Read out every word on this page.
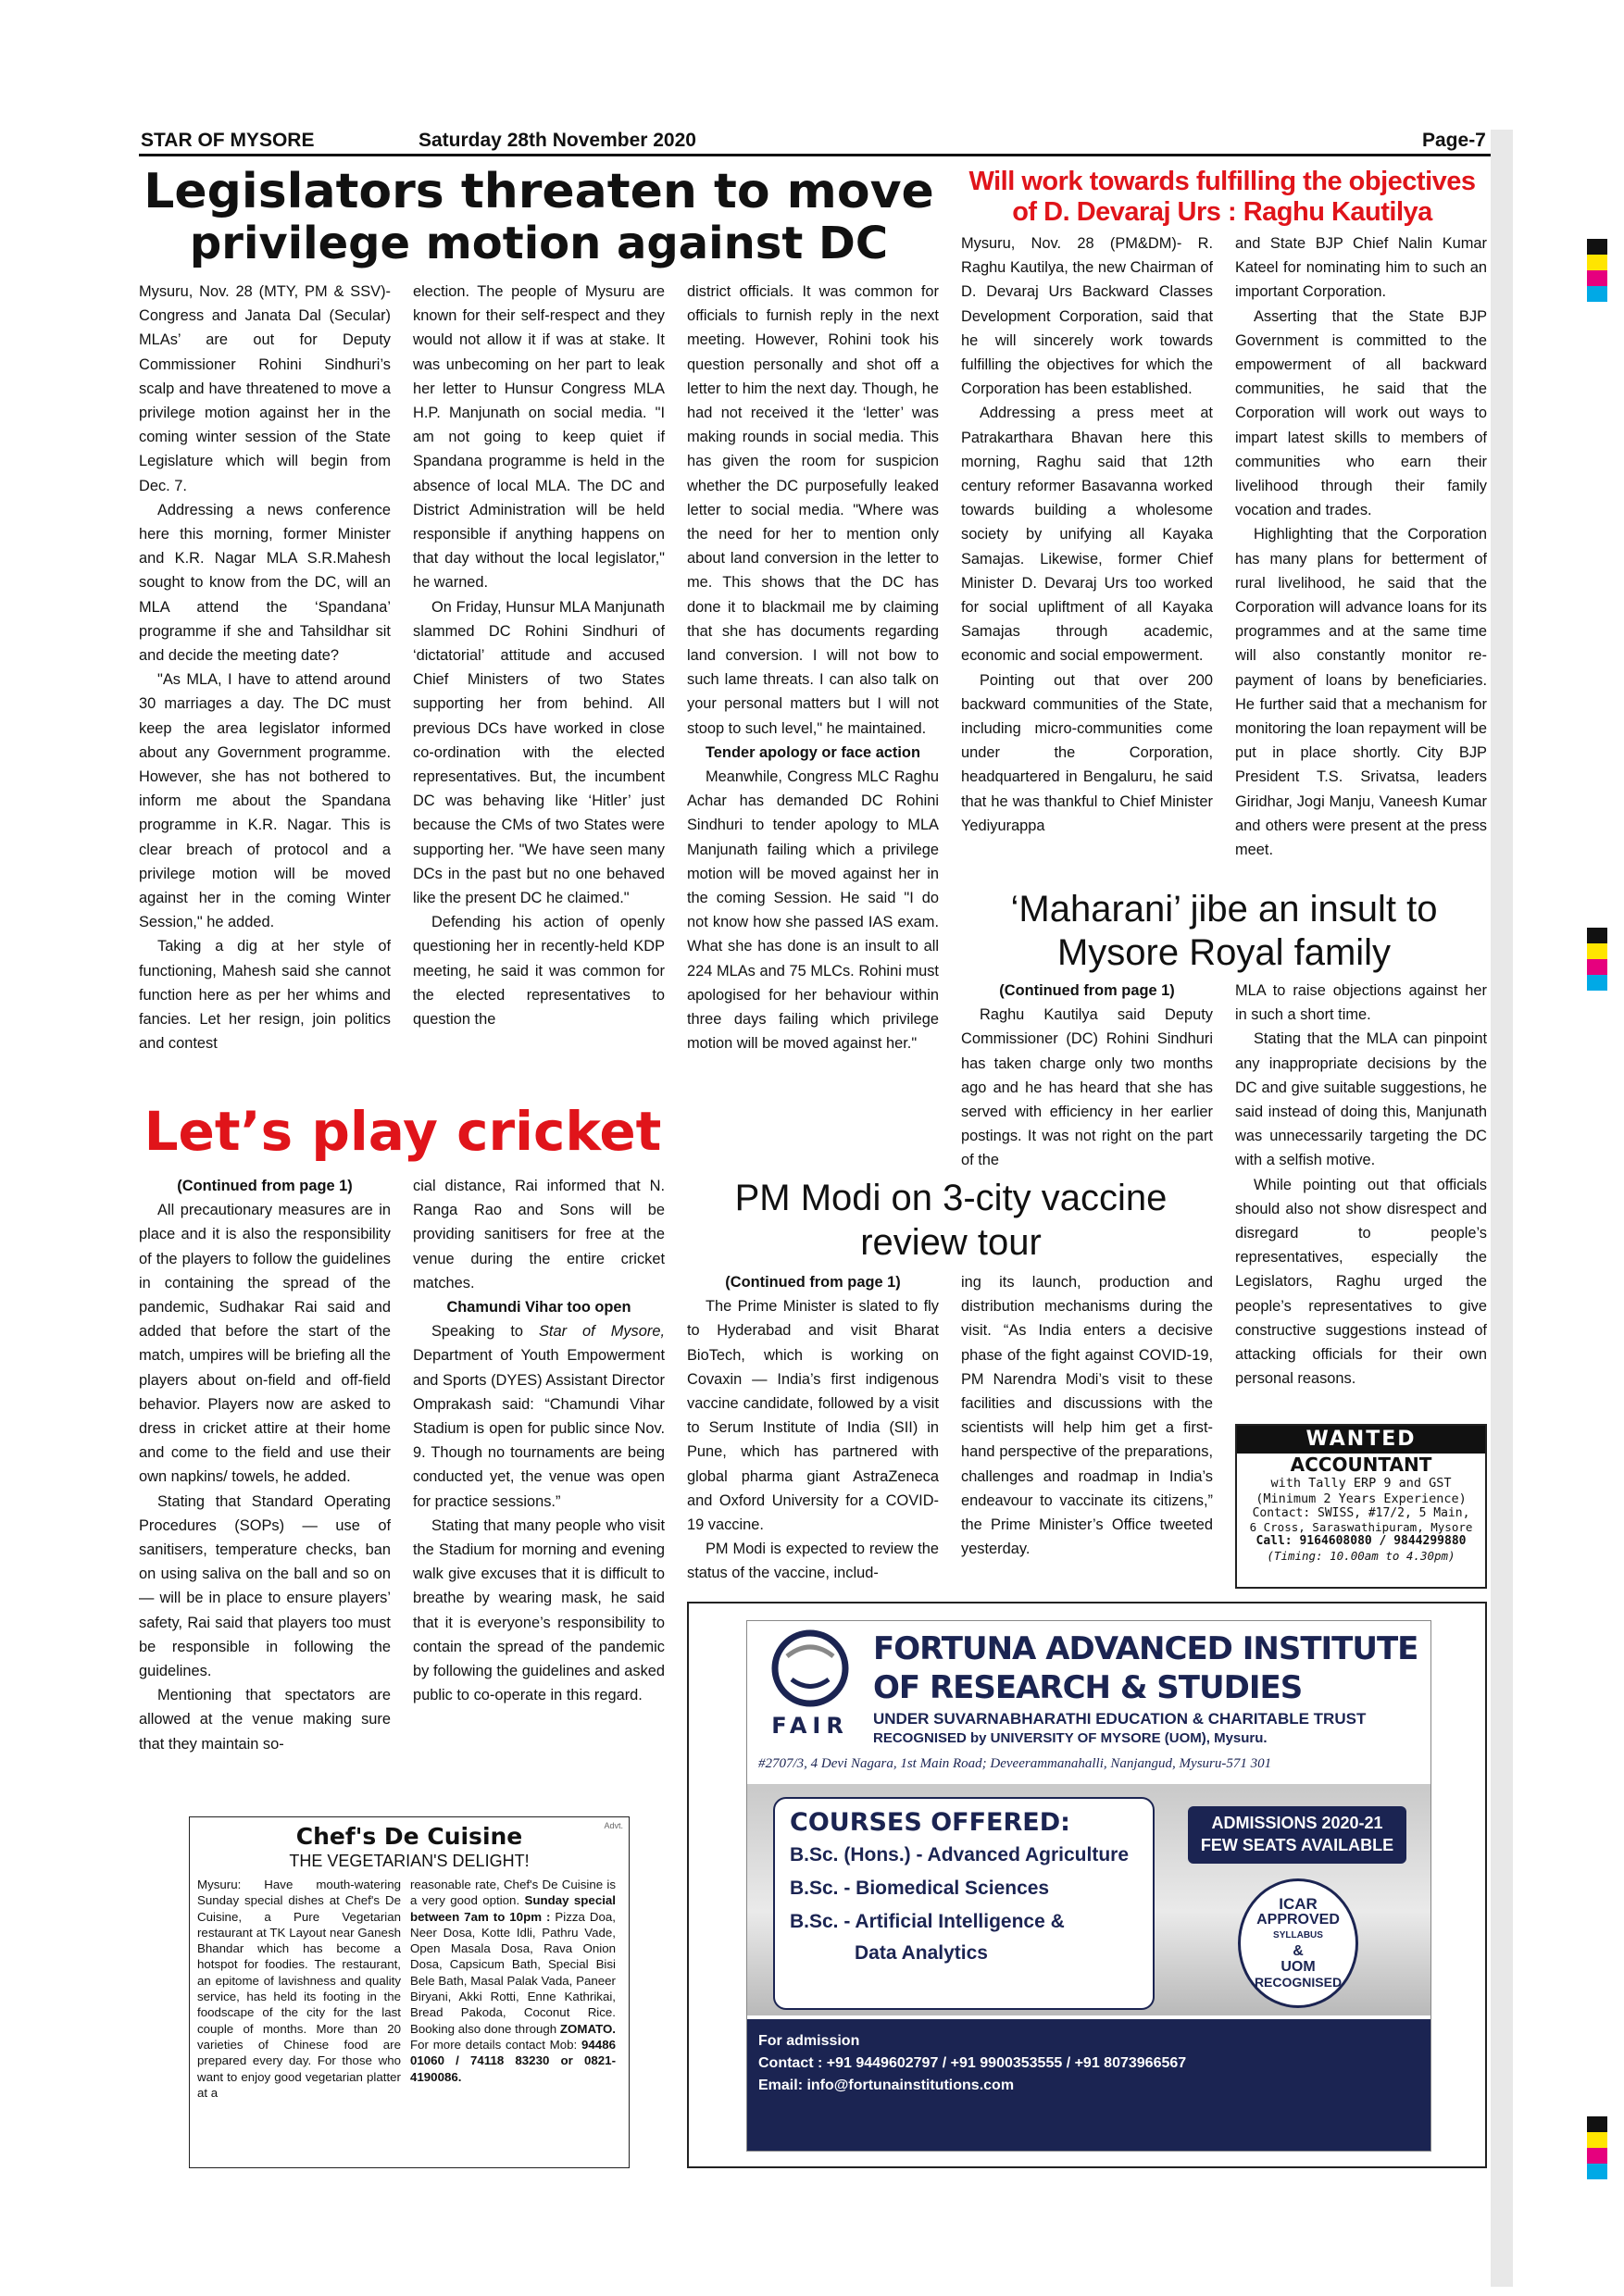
STAR OF MYSORE	Saturday 28th November 2020	Page-7
Legislators threaten to move
privilege motion against DC

Mysuru, Nov. 28 (MTY, PM & SSV)- Congress and Janata Dal (Secular) MLAs’ are out for Deputy Commissioner Rohini Sindhuri’s scalp and have threatened to move a privilege motion against her in the coming winter session of the State Legislature which will begin from Dec. 7.

Addressing a news conference here this morning, former Minister and K.R. Nagar MLA S.R.Mahesh sought to know from the DC, will an MLA attend the ‘Spandana’ programme if she and Tahsildhar sit and decide the meeting date?

"As MLA, I have to attend around 30 marriages a day. The DC must keep the area legislator informed about any Government programme. However, she has not bothered to inform me about the Spandana programme in K.R. Nagar. This is clear breach of protocol and a privilege motion will be moved against her in the coming Winter Session," he added.

Taking a dig at her style of functioning, Mahesh said she cannot function here as per her whims and fancies. Let her resign, join politics and contest

election. The people of Mysuru are known for their self-respect and they would not allow it if was at stake. It was unbecoming on her part to leak her letter to Hunsur Congress MLA H.P. Manjunath on social media. "I am not going to keep quiet if Spandana programme is held in the absence of local MLA. The DC and District Administration will be held responsible if anything happens on that day without the local legislator," he warned.

On Friday, Hunsur MLA Manjunath slammed DC Rohini Sindhuri of ‘dictatorial’ attitude and accused Chief Ministers of two States supporting her from behind. All previous DCs have worked in close co-ordination with the elected representatives. But, the incumbent DC was behaving like ‘Hitler’ just because the CMs of two States were supporting her. "We have seen many DCs in the past but no one behaved like the present DC he claimed."

Defending his action of openly questioning her in recently-held KDP meeting, he said it was common for the elected representatives to question the

district officials. It was common for officials to furnish reply in the next meeting. However, Rohini took his question personally and shot off a letter to him the next day. Though, he had not received it the ‘letter’ was making rounds in social media. This has given the room for suspicion whether the DC purposefully leaked letter to social media. "Where was the need for her to mention only about land conversion in the letter to me. This shows that the DC has done it to blackmail me by claiming that she has documents regarding land conversion. I will not bow to such lame threats. I can also talk on your personal matters but I will not stoop to such level," he maintained.

Tender apology or face action

Meanwhile, Congress MLC Raghu Achar has demanded DC Rohini Sindhuri to tender apology to MLA Manjunath failing which a privilege motion will be moved against her in the coming Session. He said "I do not know how she passed IAS exam. What she has done is an insult to all 224 MLAs and 75 MLCs. Rohini must apologised for her behaviour within three days failing which privilege motion will be moved against her."

Will work towards fulfilling the objectives
of D. Devaraj Urs : Raghu Kautilya

Mysuru, Nov. 28 (PM&DM)- R. Raghu Kautilya, the new Chairman of D. Devaraj Urs Backward Classes Development Corporation, said that he will sincerely work towards fulfilling the objectives for which the Corporation has been established.

Addressing a press meet at Patrakarthara Bhavan here this morning, Raghu said that 12th century reformer Basavanna worked towards building a wholesome society by unifying all Kayaka Samajas. Likewise, former Chief Minister D. Devaraj Urs too worked for social upliftment of all Kayaka Samajas through academic, economic and social empowerment.

Pointing out that over 200 backward communities of the State, including micro-communities come under the Corporation, headquartered in Bengaluru, he said that he was thankful to Chief Minister Yediyurappa

and State BJP Chief Nalin Kumar Kateel for nominating him to such an important Corporation.

Asserting that the State BJP Government is committed to the empowerment of all backward communities, he said that the Corporation will work out ways to impart latest skills to members of communities who earn their livelihood through their family vocation and trades.

Highlighting that the Corporation has many plans for betterment of rural livelihood, he said that the Corporation will advance loans for its programmes and at the same time will also constantly monitor re-payment of loans by beneficiaries. He further said that a mechanism for monitoring the loan repayment will be put in place shortly. City BJP President T.S. Srivatsa, leaders Giridhar, Jogi Manju, Vaneesh Kumar and others were present at the press meet.

‘Maharani’ jibe an insult to
Mysore Royal family

(Continued from page 1)

Raghu Kautilya said Deputy Commissioner (DC) Rohini Sindhuri has taken charge only two months ago and he has heard that she has served with efficiency in her earlier postings. It was not right on the part of the

MLA to raise objections against her in such a short time.

Stating that the MLA can pinpoint any inappropriate decisions by the DC and give suitable suggestions, he said instead of doing this, Manjunath was unnecessarily targeting the DC with a selfish motive.

While pointing out that officials should also not show disrespect and disregard to people’s representatives, especially the Legislators, Raghu urged the people’s representatives to give constructive suggestions instead of attacking officials for their own personal reasons.

Let’s play cricket

(Continued from page 1)

All precautionary measures are in place and it is also the responsibility of the players to follow the guidelines in containing the spread of the pandemic, Sudhakar Rai said and added that before the start of the match, umpires will be briefing all the players about on-field and off-field behavior. Players now are asked to dress in cricket attire at their home and come to the field and use their own napkins/ towels, he added.

Stating that Standard Operating Procedures (SOPs) — use of sanitisers, temperature checks, ban on using saliva on the ball and so on — will be in place to ensure players’ safety, Rai said that players too must be responsible in following the guidelines.

Mentioning that spectators are allowed at the venue making sure that they maintain so-

cial distance, Rai informed that N. Ranga Rao and Sons will be providing sanitisers for free at the venue during the entire cricket matches.

Chamundi Vihar too open

Speaking to Star of Mysore, Department of Youth Empowerment and Sports (DYES) Assistant Director Omprakash said: “Chamundi Vihar Stadium is open for public since Nov. 9. Though no tournaments are being conducted yet, the venue was open for practice sessions.”

Stating that many people who visit the Stadium for morning and evening walk give excuses that it is difficult to breathe by wearing mask, he said that it is everyone’s responsibility to contain the spread of the pandemic by following the guidelines and asked public to co-operate in this regard.

PM Modi on 3-city vaccine
review tour

(Continued from page 1)

The Prime Minister is slated to fly to Hyderabad and visit Bharat BioTech, which is working on Covaxin — India’s first indigenous vaccine candidate, followed by a visit to Serum Institute of India (SII) in Pune, which has partnered with global pharma giant AstraZeneca and Oxford University for a COVID-19 vaccine.

PM Modi is expected to review the status of the vaccine, includ-

ing its launch, production and distribution mechanisms during the visit. “As India enters a decisive phase of the fight against COVID-19, PM Narendra Modi’s visit to these facilities and discussions with the scientists will help him get a first-hand perspective of the preparations, challenges and roadmap in India’s endeavour to vaccinate its citizens,” the Prime Minister’s Office tweeted yesterday.

WANTED
ACCOUNTANT
with Tally ERP 9 and GST
(Minimum 2 Years Experience)
Contact: SWISS, #17/2, 5 Main,
6 Cross, Saraswathipuram, Mysore
Call: 9164608080 / 9844299880
(Timing: 10.00am to 4.30pm)
Advt.
Chef's De Cuisine
THE VEGETARIAN'S DELIGHT!
Mysuru: Have mouth-watering Sunday special dishes at Chef's De Cuisine, a Pure Vegetarian restaurant at TK Layout near Ganesh Bhandar which has become a hotspot for foodies. The restaurant, an epitome of lavishness and quality service, has held its footing in the foodscape of the city for the last couple of months. More than 20 varieties of Chinese food are prepared every day. For those who want to enjoy good vegetarian platter at a
reasonable rate, Chef's De Cuisine is a very good option. Sunday special between 7am to 10pm : Pizza Doa, Neer Dosa, Kotte Idli, Pathru Vade, Open Masala Dosa, Rava Onion Dosa, Capsicum Bath, Special Bisi Bele Bath, Masal Palak Vada, Paneer Biryani, Akki Rotti, Enne Kathrikai, Bread Pakoda, Coconut Rice. Booking also done through ZOMATO.
For more details contact Mob: 94486 01060 / 74118 83230 or 0821-4190086.
FAIR
FORTUNA ADVANCED INSTITUTE
OF RESEARCH & STUDIES
UNDER SUVARNABHARATHI EDUCATION & CHARITABLE TRUST
RECOGNISED by UNIVERSITY OF MYSORE (UOM), Mysuru.
#2707/3, 4 Devi Nagara, 1st Main Road; Deveerammanahalli, Nanjangud, Mysuru-571 301
COURSES OFFERED:
B.Sc. (Hons.) - Advanced Agriculture
B.Sc. - Biomedical Sciences
B.Sc. - Artificial Intelligence &
Data Analytics
ADMISSIONS 2020-21
FEW SEATS AVAILABLE
ICAR
APPROVED
SYLLABUS
&
UOM
RECOGNISED
For admission
Contact : +91 9449602797 / +91 9900353555 / +91 8073966567
Email: info@fortunainstitutions.com
